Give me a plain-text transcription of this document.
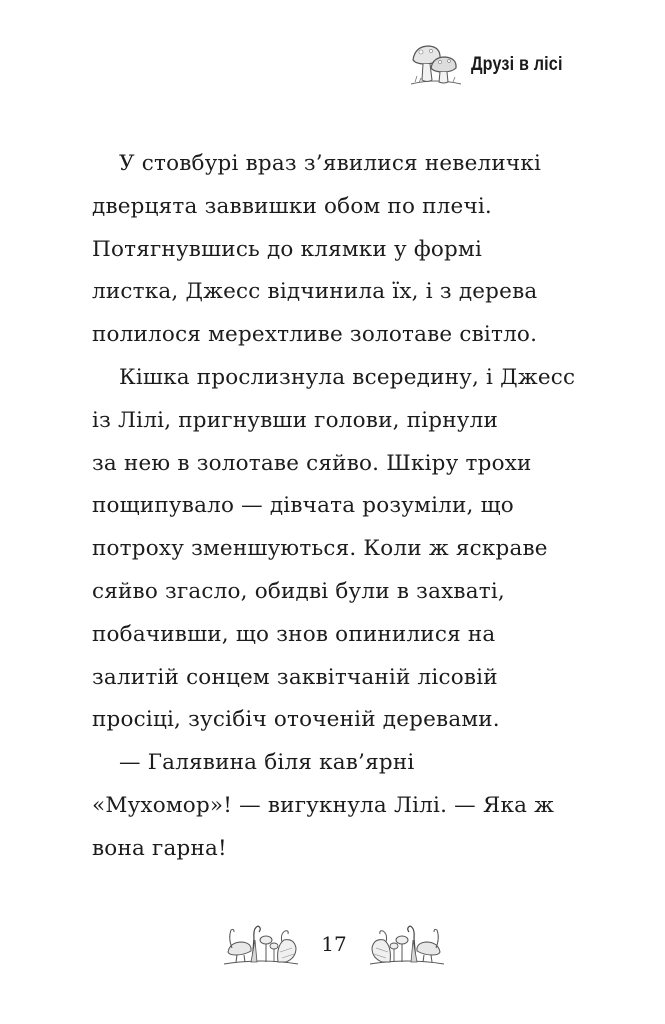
Друзі в лісі
У стовбурі враз з’явилися невеличкі
дверцята заввишки обом по плечі.
Потягнувшись до клямки у формі
листка, Джесс відчинила їх, і з дерева
полилося мерехтливе золотаве світло.
Кішка прослизнула всередину, і Джесс
із Лілі, пригнувши голови, пірнули
за нею в золотаве сяйво. Шкіру трохи
пощипувало — дівчата розуміли, що
потроху зменшуються. Коли ж яскраве
сяйво згасло, обидві були в захваті,
побачивши, що знов опинилися на
залитій сонцем заквітчаній лісовій
просіці, зусібіч оточеній деревами.
— Галявина біля кав’ярні
«Мухомор»! — вигукнула Лілі. — Яка ж
вона гарна!
17
